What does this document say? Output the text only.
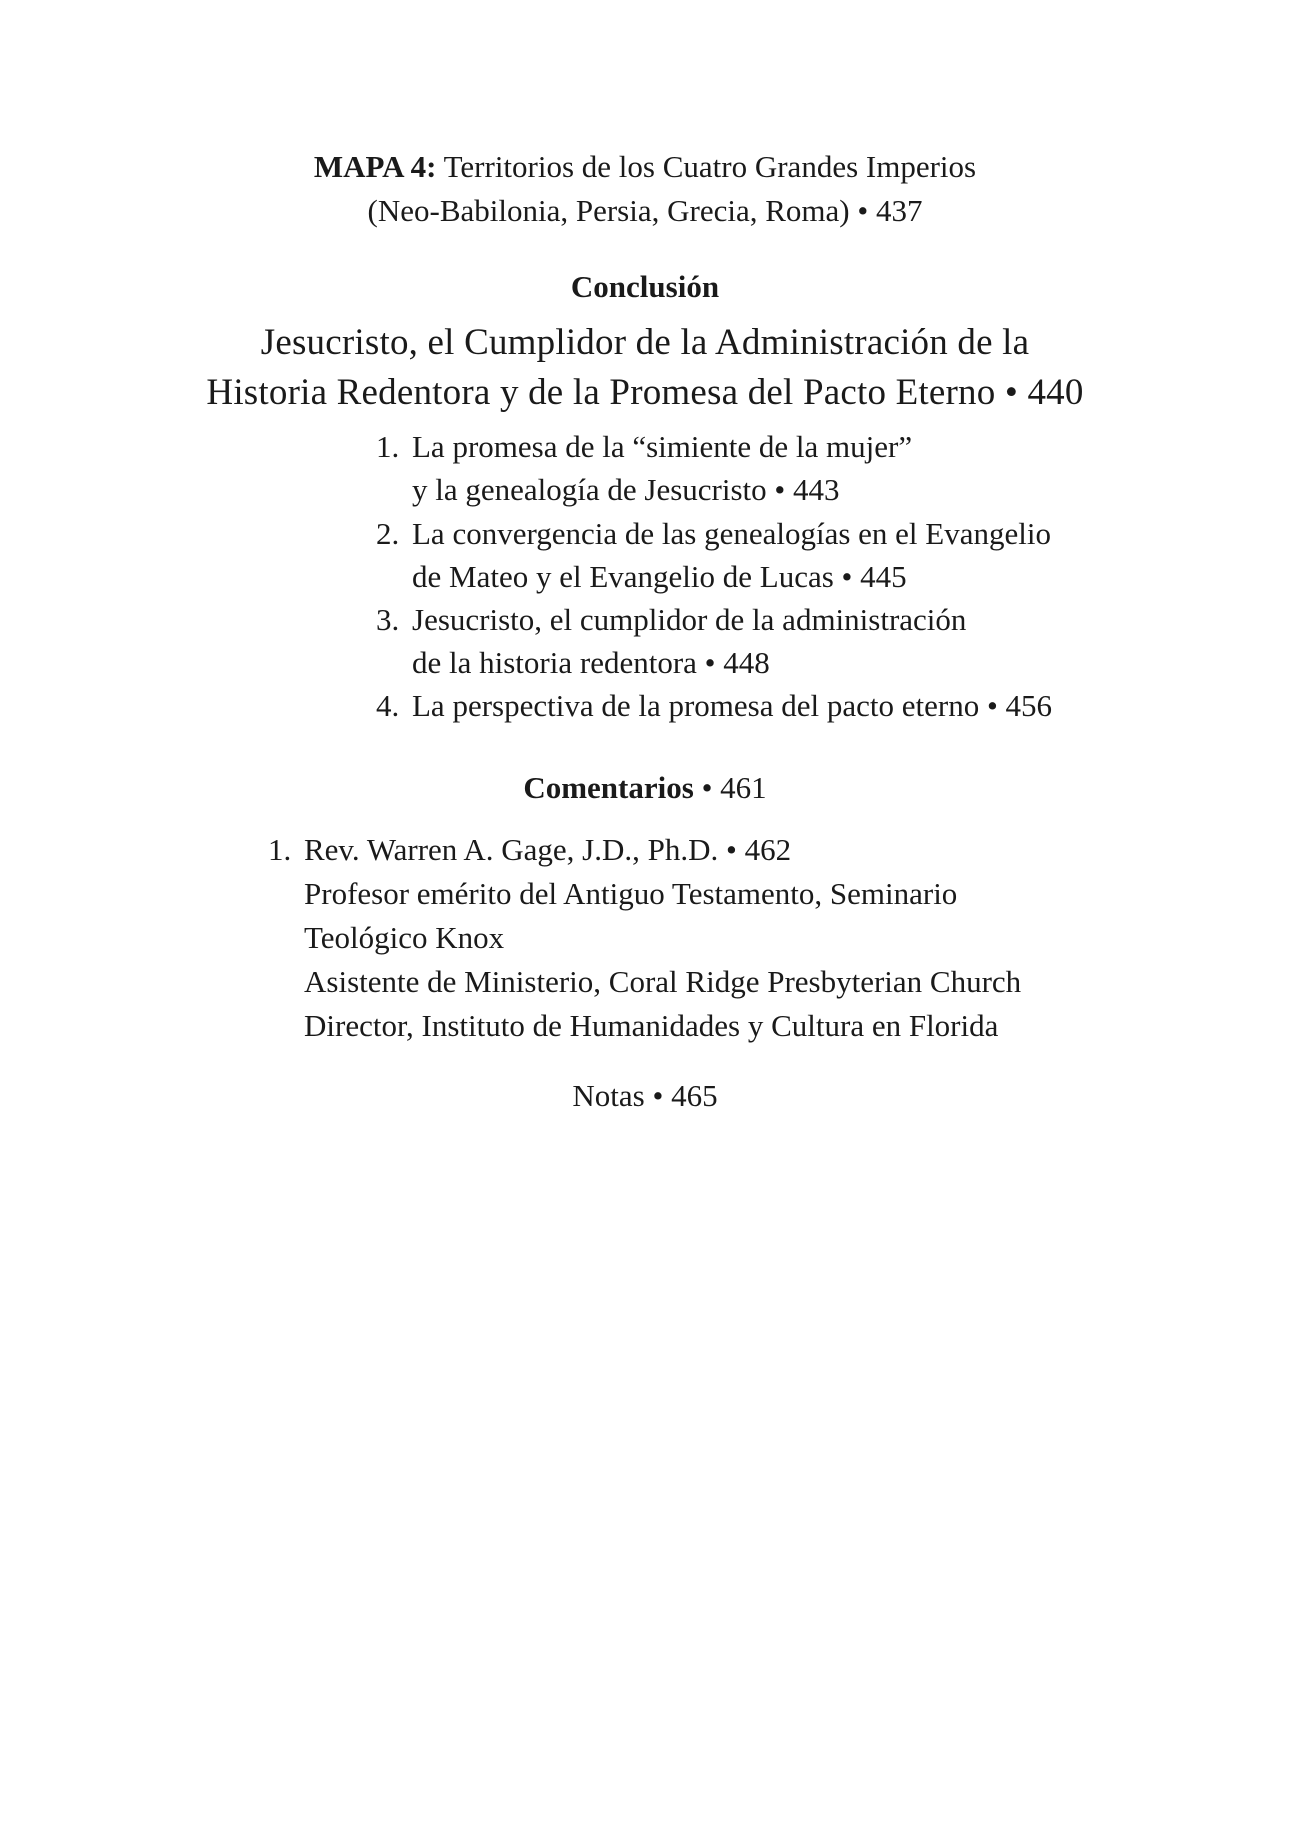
MAPA 4: Territorios de los Cuatro Grandes Imperios
(Neo-Babilonia, Persia, Grecia, Roma) • 437
Conclusión
Jesucristo, el Cumplidor de la Administración de la
Historia Redentora y de la Promesa del Pacto Eterno • 440
1. La promesa de la “simiente de la mujer”
y la genealogía de Jesucristo • 443
2. La convergencia de las genealogías en el Evangelio
de Mateo y el Evangelio de Lucas • 445
3. Jesucristo, el cumplidor de la administración
de la historia redentora • 448
4. La perspectiva de la promesa del pacto eterno • 456
Comentarios • 461
1. Rev. Warren A. Gage, J.D., Ph.D. • 462
Profesor emérito del Antiguo Testamento, Seminario
Teológico Knox
Asistente de Ministerio, Coral Ridge Presbyterian Church
Director, Instituto de Humanidades y Cultura en Florida
Notas • 465
